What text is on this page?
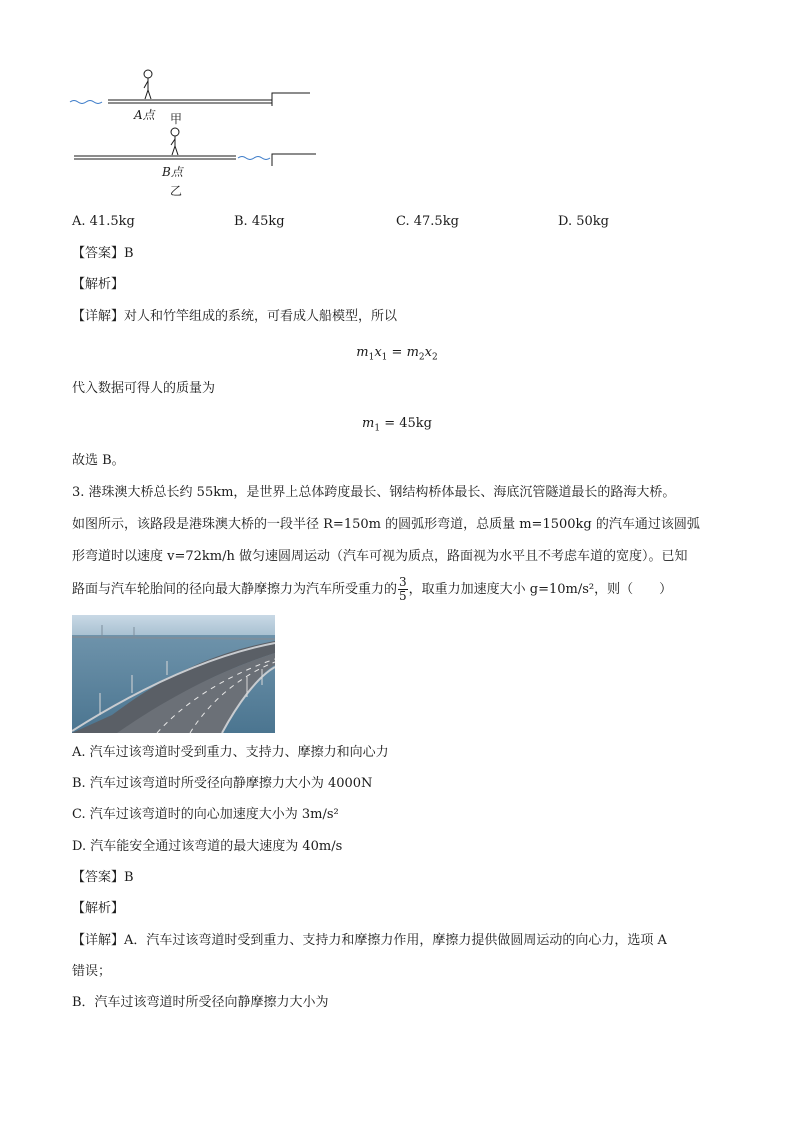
A点 甲
B点
乙
A. 41.5kg	B. 45kg	C. 47.5kg	D. 50kg
【答案】B
【解析】
【详解】对人和竹竿组成的系统，可看成人船模型，所以
$m_1x_1 = m_2x_2$
代入数据可得人的质量为
$m_1 = 45kg$
故选 B。
3. 港珠澳大桥总长约 55km，是世界上总体跨度最长、钢结构桥体最长、海底沉管隧道最长的路海大桥。
如图所示，该路段是港珠澳大桥的一段半径 R=150m 的圆弧形弯道，总质量 m=1500kg 的汽车通过该圆弧
形弯道时以速度 v=72km/h 做匀速圆周运动（汽车可视为质点，路面视为水平且不考虑车道的宽度）。已知
路面与汽车轮胎间的径向最大静摩擦力为汽车所受重力的 $\frac{3}{5}$ ，取重力加速度大小 g=10m/s²，则（　　）
A. 汽车过该弯道时受到重力、支持力、摩擦力和向心力
B. 汽车过该弯道时所受径向静摩擦力大小为 4000N
C. 汽车过该弯道时的向心加速度大小为 3m/s²
D. 汽车能安全通过该弯道的最大速度为 40m/s
【答案】B
【解析】
【详解】A．汽车过该弯道时受到重力、支持力和摩擦力作用，摩擦力提供做圆周运动的向心力，选项 A
错误；
B．汽车过该弯道时所受径向静摩擦力大小为
